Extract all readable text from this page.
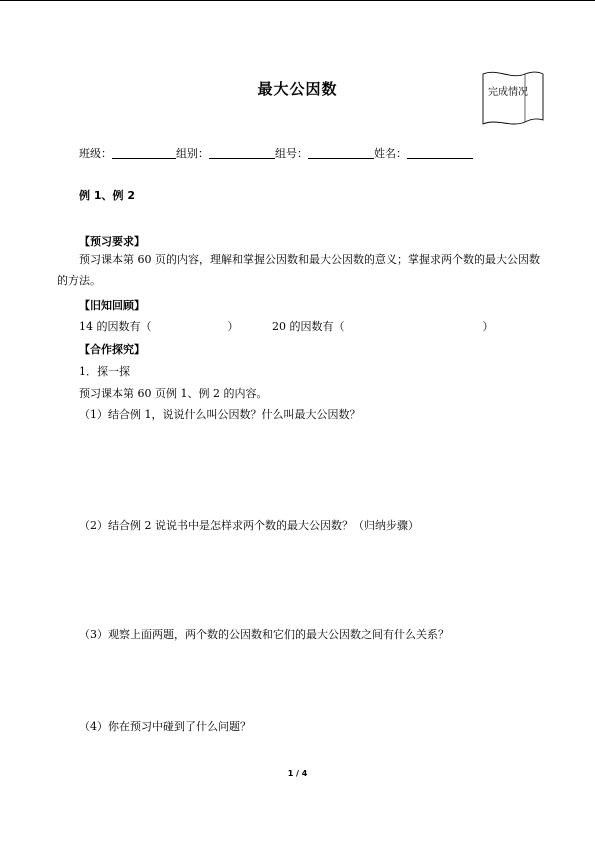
最大公因数	完成情况
班级：	组别：	组号：	姓名：
例 1、例 2
【预习要求】
预习课本第 60 页的内容，理解和掌握公因数和最大公因数的意义；掌握求两个数的最大公因数的方法。
【旧知回顾】
14 的因数有（	）	20 的因数有（	）
【合作探究】
1．探一探
预习课本第 60 页例 1、例 2 的内容。
（1）结合例 1，说说什么叫公因数？什么叫最大公因数？
（2）结合例 2 说说书中是怎样求两个数的最大公因数？（归纳步骤）
（3）观察上面两题，两个数的公因数和它们的最大公因数之间有什么关系？
（4）你在预习中碰到了什么问题？
1 / 4
